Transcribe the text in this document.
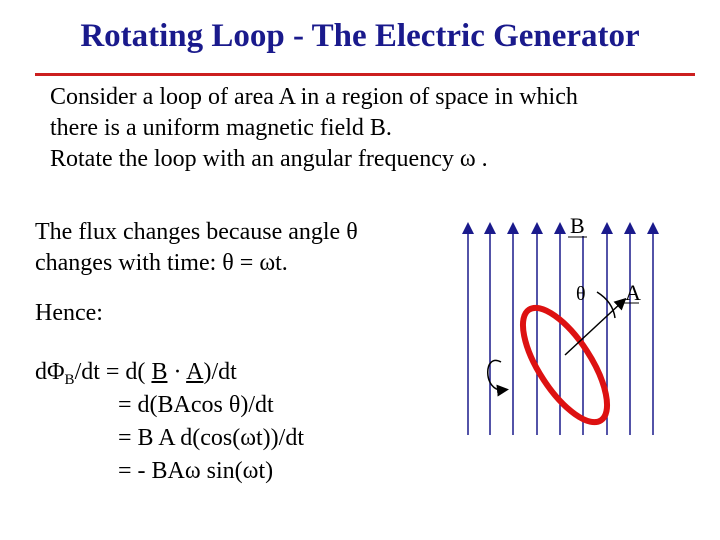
Rotating Loop - The Electric Generator
Consider a loop of area A in a region of space in which
there is a uniform magnetic field B.
Rotate the loop with an angular frequency ω .
The flux changes because angle θ
changes with time: θ = ωt.
Hence:
$d\Phi_B/dt = d$( B · A)/dt
= d(BAcos θ)/dt
= B A d(cos(ωt))/dt
= - BAω sin(ωt)
B
θ A
